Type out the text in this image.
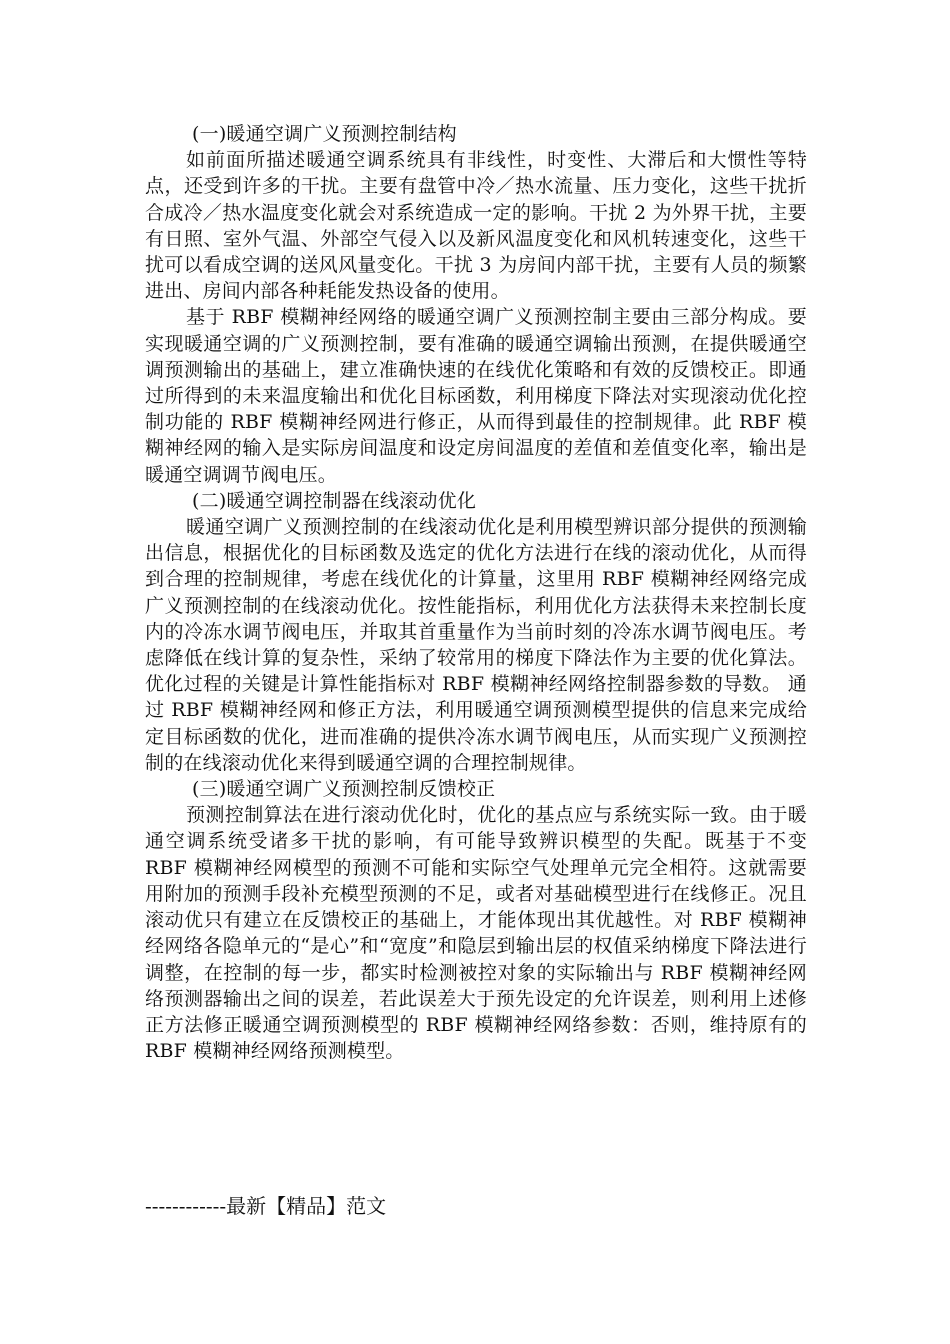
(一)暖通空调广义预测控制结构

如前面所描述暖通空调系统具有非线性，时变性、大滞后和大惯性等特点，还受到许多的干扰。主要有盘管中冷／热水流量、压力变化，这些干扰折合成冷／热水温度变化就会对系统造成一定的影响。干扰 2 为外界干扰，主要有日照、室外气温、外部空气侵入以及新风温度变化和风机转速变化，这些干扰可以看成空调的送风风量变化。干扰 3 为房间内部干扰，主要有人员的频繁进出、房间内部各种耗能发热设备的使用。

基于 RBF 模糊神经网络的暖通空调广义预测控制主要由三部分构成。要实现暖通空调的广义预测控制，要有准确的暖通空调输出预测，在提供暖通空调预测输出的基础上，建立准确快速的在线优化策略和有效的反馈校正。即通过所得到的未来温度输出和优化目标函数，利用梯度下降法对实现滚动优化控制功能的 RBF 模糊神经网进行修正，从而得到最佳的控制规律。此 RBF 模糊神经网的输入是实际房间温度和设定房间温度的差值和差值变化率，输出是暖通空调调节阀电压。

(二)暖通空调控制器在线滚动优化

暖通空调广义预测控制的在线滚动优化是利用模型辨识部分提供的预测输出信息，根据优化的目标函数及选定的优化方法进行在线的滚动优化，从而得到合理的控制规律，考虑在线优化的计算量，这里用 RBF 模糊神经网络完成广义预测控制的在线滚动优化。按性能指标，利用优化方法获得未来控制长度内的冷冻水调节阀电压，并取其首重量作为当前时刻的冷冻水调节阀电压。考虑降低在线计算的复杂性，采纳了较常用的梯度下降法作为主要的优化算法。优化过程的关键是计算性能指标对 RBF 模糊神经网络控制器参数的导数。 通过 RBF 模糊神经网和修正方法，利用暖通空调预测模型提供的信息来完成给定目标函数的优化，进而准确的提供冷冻水调节阀电压，从而实现广义预测控制的在线滚动优化来得到暖通空调的合理控制规律。

(三)暖通空调广义预测控制反馈校正

预测控制算法在进行滚动优化时，优化的基点应与系统实际一致。由于暖通空调系统受诸多干扰的影响，有可能导致辨识模型的失配。既基于不变 RBF 模糊神经网模型的预测不可能和实际空气处理单元完全相符。这就需要用附加的预测手段补充模型预测的不足，或者对基础模型进行在线修正。况且滚动优只有建立在反馈校正的基础上，才能体现出其优越性。对 RBF 模糊神经网络各隐单元的“是心”和“宽度”和隐层到输出层的权值采纳梯度下降法进行调整，在控制的每一步，都实时检测被控对象的实际输出与 RBF 模糊神经网络预测器输出之间的误差，若此误差大于预先设定的允许误差，则利用上述修正方法修正暖通空调预测模型的 RBF 模糊神经网络参数：否则，维持原有的 RBF 模糊神经网络预测模型。

------------最新【精品】范文
